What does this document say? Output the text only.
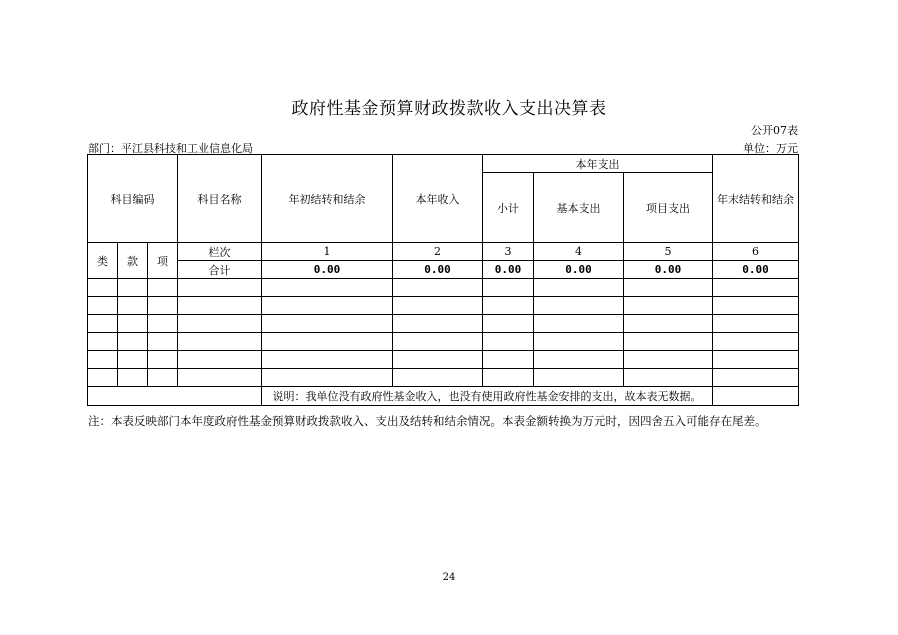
政府性基金预算财政拨款收入支出决算表
公开07表
部门：平江县科技和工业信息化局	单位：万元
科目编码			科目名称	年初结转和结余	本年收入	本年支出			年末结转和结余
						小计	基本支出	项目支出	
类	款	项	栏次	1	2	3	4	5	6
			合计	0.00	0.00	0.00	0.00	0.00	0.00

				说明：我单位没有政府性基金收入，也没有使用政府性基金安排的支出，故本表无数据。					
注：本表反映部门本年度政府性基金预算财政拨款收入、支出及结转和结余情况。本表金额转换为万元时，因四舍五入可能存在尾差。
24
